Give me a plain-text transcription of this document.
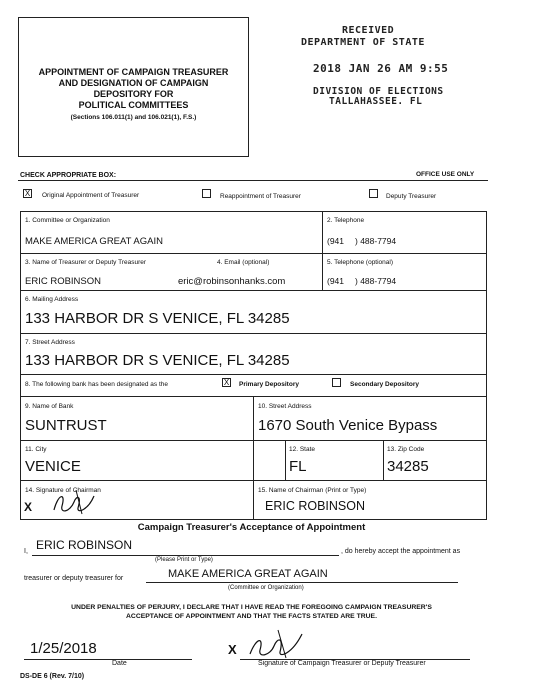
APPOINTMENT OF CAMPAIGN TREASURER
AND DESIGNATION OF CAMPAIGN
DEPOSITORY FOR
POLITICAL COMMITTEES
(Sections 106.011(1) and 106.021(1), F.S.)
RECEIVED
DEPARTMENT OF STATE
2018 JAN 26 AM 9:55
DIVISION OF ELECTIONS
TALLAHASSEE. FL
CHECK APPROPRIATE BOX:	OFFICE USE ONLY
X Original Appointment of Treasurer	Reappointment of Treasurer	Deputy Treasurer
1. Committee or Organization
MAKE AMERICA GREAT AGAIN
2. Telephone
(941 ) 488-7794
3. Name of Treasurer or Deputy Treasurer	4. Email (optional)
ERIC ROBINSON	eric@robinsonhanks.com
5. Telephone (optional)
(941 ) 488-7794
6. Mailing Address
133 HARBOR DR S VENICE, FL 34285
7. Street Address
133 HARBOR DR S VENICE, FL 34285
8. The following bank has been designated as the	X Primary Depository	Secondary Depository
9. Name of Bank
SUNTRUST
10. Street Address
1670 South Venice Bypass
11. City
VENICE
12. State
FL
13. Zip Code
34285
14. Signature of Chairman
X
15. Name of Chairman (Print or Type)
ERIC ROBINSON
Campaign Treasurer's Acceptance of Appointment
I, ERIC ROBINSON	, do hereby accept the appointment as
(Please Print or Type)
treasurer or deputy treasurer for	MAKE AMERICA GREAT AGAIN
(Committee or Organization)
UNDER PENALTIES OF PERJURY, I DECLARE THAT I HAVE READ THE FOREGOING CAMPAIGN TREASURER'S
ACCEPTANCE OF APPOINTMENT AND THAT THE FACTS STATED ARE TRUE.
1/25/2018
Date
X
Signature of Campaign Treasurer or Deputy Treasurer
DS-DE 6 (Rev. 7/10)
